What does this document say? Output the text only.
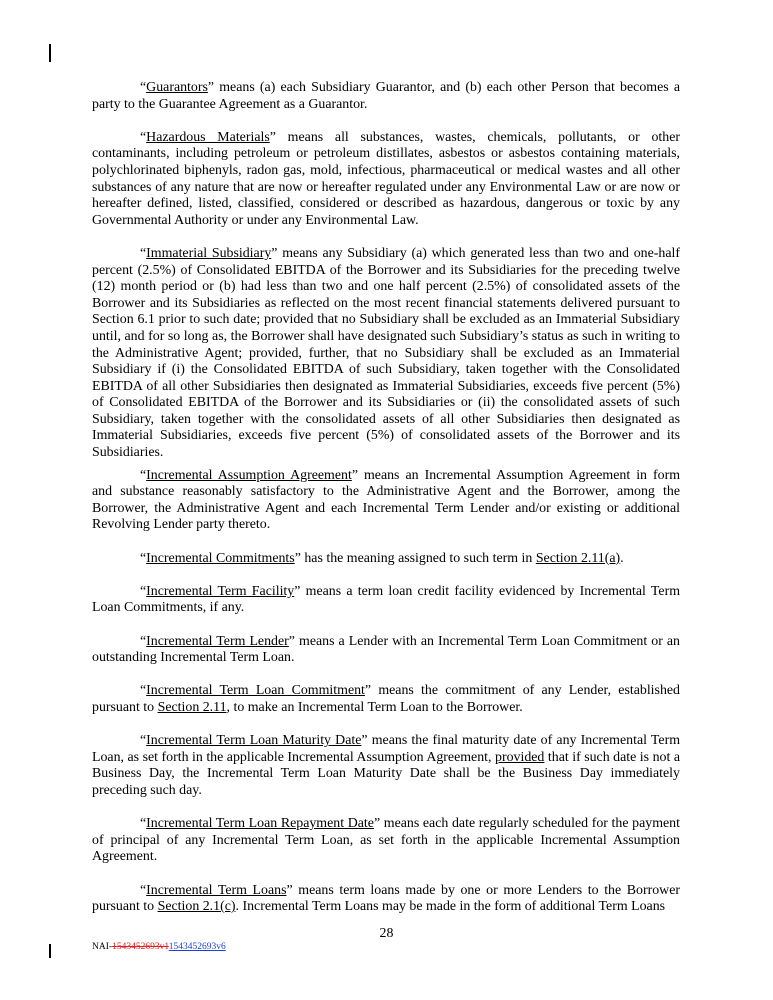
“Guarantors” means (a) each Subsidiary Guarantor, and (b) each other Person that becomes a party to the Guarantee Agreement as a Guarantor.

“Hazardous Materials” means all substances, wastes, chemicals, pollutants, or other contaminants, including petroleum or petroleum distillates, asbestos or asbestos containing materials, polychlorinated biphenyls, radon gas, mold, infectious, pharmaceutical or medical wastes and all other substances of any nature that are now or hereafter regulated under any Environmental Law or are now or hereafter defined, listed, classified, considered or described as hazardous, dangerous or toxic by any Governmental Authority or under any Environmental Law.

“Immaterial Subsidiary” means any Subsidiary (a) which generated less than two and one-half percent (2.5%) of Consolidated EBITDA of the Borrower and its Subsidiaries for the preceding twelve (12) month period or (b) had less than two and one half percent (2.5%) of consolidated assets of the Borrower and its Subsidiaries as reflected on the most recent financial statements delivered pursuant to Section 6.1 prior to such date; provided that no Subsidiary shall be excluded as an Immaterial Subsidiary until, and for so long as, the Borrower shall have designated such Subsidiary’s status as such in writing to the Administrative Agent; provided, further, that no Subsidiary shall be excluded as an Immaterial Subsidiary if (i) the Consolidated EBITDA of such Subsidiary, taken together with the Consolidated EBITDA of all other Subsidiaries then designated as Immaterial Subsidiaries, exceeds five percent (5%) of Consolidated EBITDA of the Borrower and its Subsidiaries or (ii) the consolidated assets of such Subsidiary, taken together with the consolidated assets of all other Subsidiaries then designated as Immaterial Subsidiaries, exceeds five percent (5%) of consolidated assets of the Borrower and its Subsidiaries.

“Incremental Assumption Agreement” means an Incremental Assumption Agreement in form and substance reasonably satisfactory to the Administrative Agent and the Borrower, among the Borrower, the Administrative Agent and each Incremental Term Lender and/or existing or additional Revolving Lender party thereto.

“Incremental Commitments” has the meaning assigned to such term in Section 2.11(a).

“Incremental Term Facility” means a term loan credit facility evidenced by Incremental Term Loan Commitments, if any.

“Incremental Term Lender” means a Lender with an Incremental Term Loan Commitment or an outstanding Incremental Term Loan.

“Incremental Term Loan Commitment” means the commitment of any Lender, established pursuant to Section 2.11, to make an Incremental Term Loan to the Borrower.

“Incremental Term Loan Maturity Date” means the final maturity date of any Incremental Term Loan, as set forth in the applicable Incremental Assumption Agreement, provided that if such date is not a Business Day, the Incremental Term Loan Maturity Date shall be the Business Day immediately preceding such day.

“Incremental Term Loan Repayment Date” means each date regularly scheduled for the payment of principal of any Incremental Term Loan, as set forth in the applicable Incremental Assumption Agreement.

“Incremental Term Loans” means term loans made by one or more Lenders to the Borrower pursuant to Section 2.1(c). Incremental Term Loans may be made in the form of additional Term Loans

28
NAI-1543452693v11543452693v6
